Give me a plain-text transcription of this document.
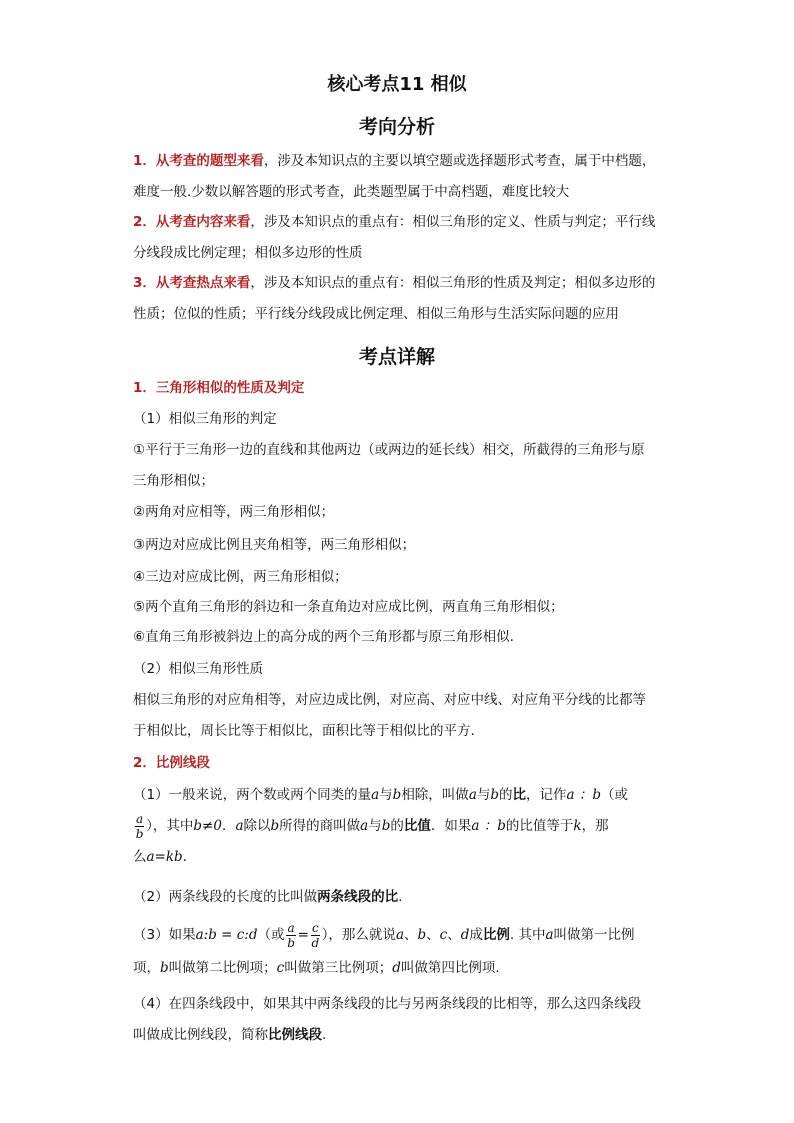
核心考点11 相似
考向分析

1．从考查的题型来看，涉及本知识点的主要以填空题或选择题形式考查，属于中档题，
难度一般.少数以解答题的形式考查，此类题型属于中高档题，难度比较大

2．从考查内容来看，涉及本知识点的重点有：相似三角形的定义、性质与判定；平行线
分线段成比例定理；相似多边形的性质

3．从考查热点来看，涉及本知识点的重点有：相似三角形的性质及判定；相似多边形的
性质；位似的性质；平行线分线段成比例定理、相似三角形与生活实际问题的应用

考点详解

1．三角形相似的性质及判定

（1）相似三角形的判定

①平行于三角形一边的直线和其他两边（或两边的延长线）相交，所截得的三角形与原
三角形相似；

②两角对应相等，两三角形相似；

③两边对应成比例且夹角相等，两三角形相似；

④三边对应成比例，两三角形相似；

⑤两个直角三角形的斜边和一条直角边对应成比例，两直角三角形相似；

⑥直角三角形被斜边上的高分成的两个三角形都与原三角形相似.

（2）相似三角形性质

相似三角形的对应角相等，对应边成比例，对应高、对应中线、对应角平分线的比都等
于相似比，周长比等于相似比，面积比等于相似比的平方.

2．比例线段

（1）一般来说，两个数或两个同类的量a与b相除，叫做a与b的比，记作a ：b（或

$\frac{a}{b}$ ），其中b≠0．a除以b所得的商叫做a与b的比值．如果a ：b的比值等于k，那
么a=kb．

（2）两条线段的长度的比叫做两条线段的比.

（3）如果a:b = c:d（或 $\frac{a}{b} = \frac{c}{d}$ ），那么就说a、b、c、d成比例. 其中a叫做第一比例
项，b叫做第二比例项；c叫做第三比例项；d叫做第四比例项.

（4）在四条线段中，如果其中两条线段的比与另两条线段的比相等，那么这四条线段
叫做成比例线段，简称比例线段.
